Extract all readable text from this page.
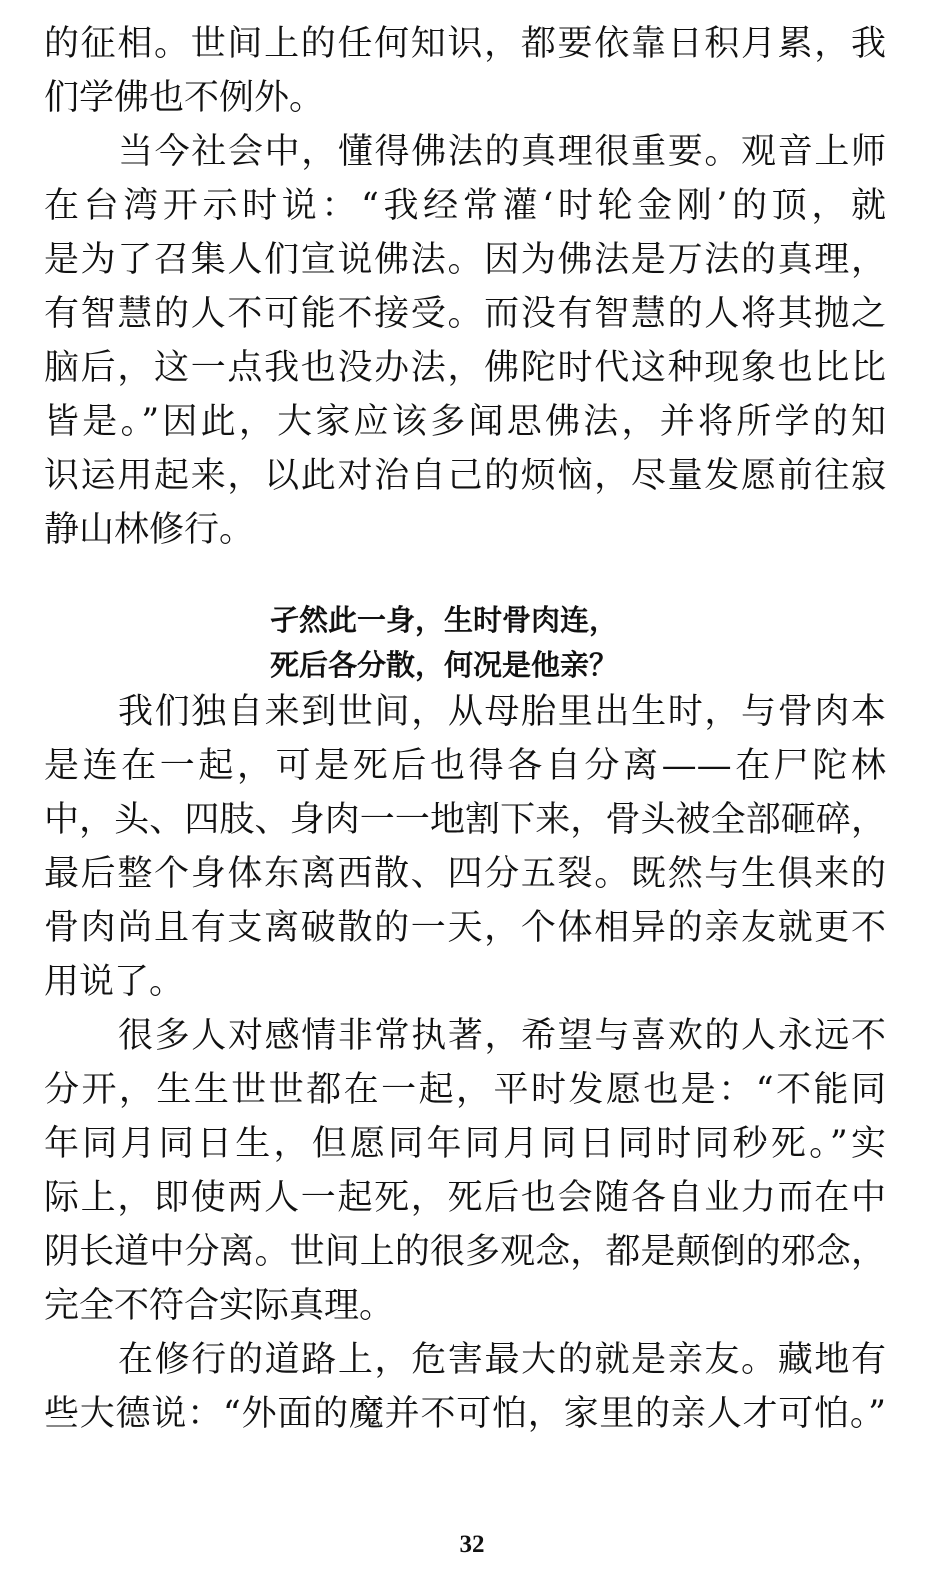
的征相。世间上的任何知识，都要依靠日积月累，我
们学佛也不例外。
当今社会中，懂得佛法的真理很重要。观音上师
在台湾开示时说：“我经常灌‘时轮金刚’的顶，就
是为了召集人们宣说佛法。因为佛法是万法的真理，
有智慧的人不可能不接受。而没有智慧的人将其抛之
脑后，这一点我也没办法，佛陀时代这种现象也比比
皆是。”因此，大家应该多闻思佛法，并将所学的知
识运用起来，以此对治自己的烦恼，尽量发愿前往寂
静山林修行。
孑然此一身，生时骨肉连，
死后各分散，何况是他亲？
我们独自来到世间，从母胎里出生时，与骨肉本
是连在一起，可是死后也得各自分离——在尸陀林
中，头、四肢、身肉一一地割下来，骨头被全部砸碎，
最后整个身体东离西散、四分五裂。既然与生俱来的
骨肉尚且有支离破散的一天，个体相异的亲友就更不
用说了。
很多人对感情非常执著，希望与喜欢的人永远不
分开，生生世世都在一起，平时发愿也是：“不能同
年同月同日生，但愿同年同月同日同时同秒死。”实
际上，即使两人一起死，死后也会随各自业力而在中
阴长道中分离。世间上的很多观念，都是颠倒的邪念，
完全不符合实际真理。
在修行的道路上，危害最大的就是亲友。藏地有
些大德说：“外面的魔并不可怕，家里的亲人才可怕。”
32
